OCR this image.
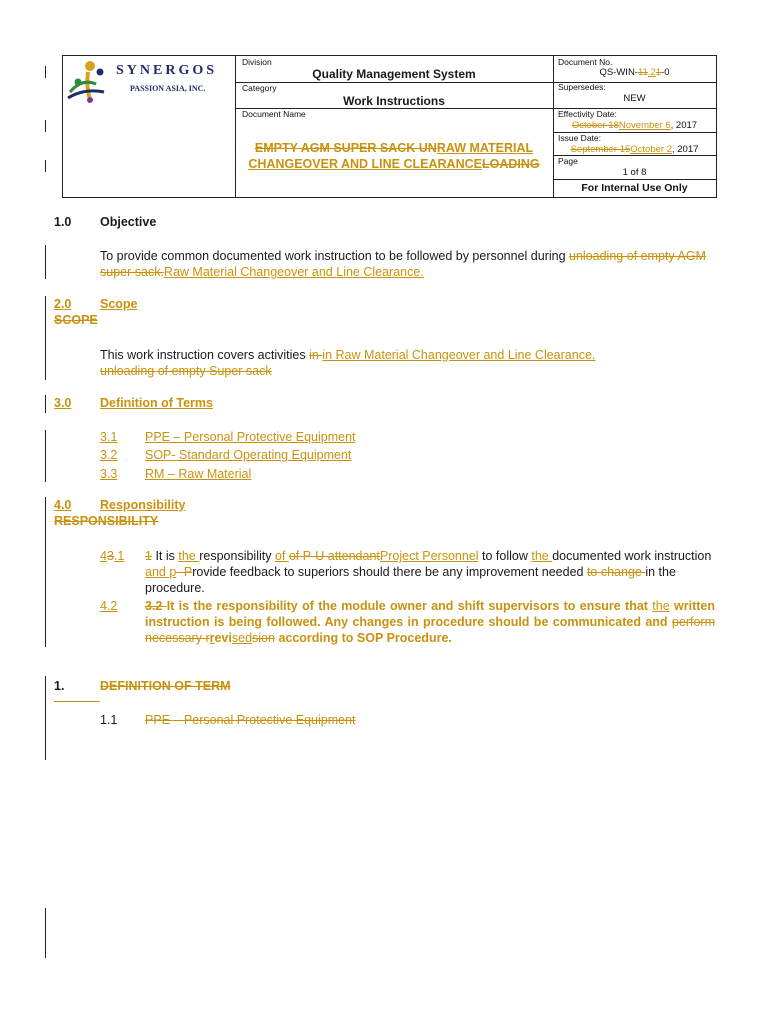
SYNERGOS
PASSION ASIA, INC.
Division
Quality Management System
Category
Work Instructions
Document Name
EMPTY AGM SUPER SACK UNRAW MATERIAL CHANGEOVER AND LINE CLEARANCELOADING
Document No.
QS-WIN-11.21-0
Supersedes:
NEW
Effectivity Date:
October 18November 6, 2017
Issue Date:
September 15October 2, 2017
Page
1 of 8
For Internal Use Only
1.0 Objective
To provide common documented work instruction to be followed by personnel during unloading of empty AGM super sack.Raw Material Changeover and Line Clearance.
2.0 Scope
SCOPE
This work instruction covers activities in in Raw Material Changeover and Line Clearance.
unloading of empty Super sack
3.0 Definition of Terms
3.1 PPE – Personal Protective Equipment
3.2 SOP- Standard Operating Equipment
3.3 RM – Raw Material
4.0 Responsibility
RESPONSIBILITY
43.1 1 It is the responsibility of of P-U attendantProject Personnel to follow the documented work instruction and p- Provide feedback to superiors should there be any improvement needed to change in the procedure.
4.2 3.2 It is the responsibility of the module owner and shift supervisors to ensure that the written instruction is being followed. Any changes in procedure should be communicated and perform necessary rrevisedsion according to SOP Procedure.
1.	DEFINITION OF TERM
1.1 PPE – Personal Protective Equipment
